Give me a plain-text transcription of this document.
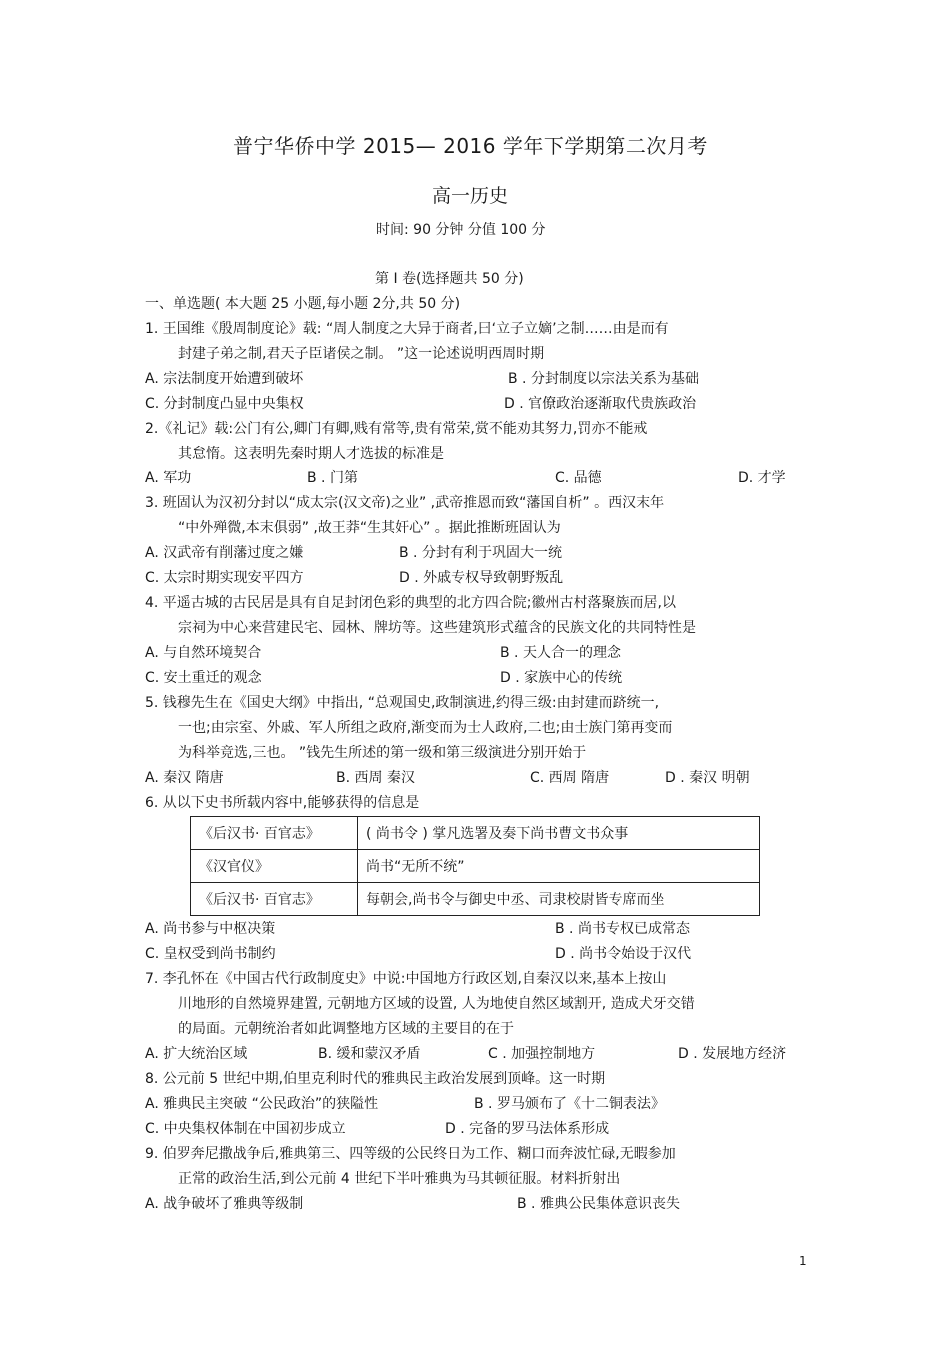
普宁华侨中学 2015— 2016 学年下学期第二次月考
高一历史
时间: 90 分钟 分值 100 分
第 I 卷(选择题共 50 分)
一、单选题( 本大题 25 小题,每小题 2分,共 50 分)
1. 王国维《殷周制度论》载: “周人制度之大异于商者,曰‘立子立嫡’之制……由是而有
封建子弟之制,君天子臣诸侯之制。 ”这一论述说明西周时期
A. 宗法制度开始遭到破坏	B . 分封制度以宗法关系为基础
C. 分封制度凸显中央集权	D . 官僚政治逐渐取代贵族政治
2.《礼记》载:公门有公,卿门有卿,贱有常等,贵有常荣,赏不能劝其努力,罚亦不能戒
其怠惰。这表明先秦时期人才选拔的标准是
A. 军功	B . 门第	C. 品德	D. 才学
3. 班固认为汉初分封以“成太宗(汉文帝)之业” ,武帝推恩而致“藩国自析” 。西汉末年
“中外殚微,本末俱弱” ,故王莽“生其奸心” 。据此推断班固认为
A. 汉武帝有削藩过度之嫌	B . 分封有利于巩固大一统
C. 太宗时期实现安平四方	D . 外戚专权导致朝野叛乱
4. 平遥古城的古民居是具有自足封闭色彩的典型的北方四合院;徽州古村落聚族而居,以
宗祠为中心来营建民宅、园林、牌坊等。这些建筑形式蕴含的民族文化的共同特性是
A. 与自然环境契合	B . 天人合一的理念
C. 安土重迁的观念	D . 家族中心的传统
5. 钱穆先生在《国史大纲》中指出, “总观国史,政制演进,约得三级:由封建而跻统一,
一也;由宗室、外戚、军人所组之政府,渐变而为士人政府,二也;由士族门第再变而
为科举竞选,三也。 ”钱先生所述的第一级和第三级演进分别开始于
A. 秦汉 隋唐	B. 西周 秦汉	C. 西周 隋唐	D . 秦汉 明朝
6. 从以下史书所载内容中,能够获得的信息是
《后汉书· 百官志》	( 尚书令 ) 掌凡选署及奏下尚书曹文书众事
《汉官仪》	尚书“无所不统”
《后汉书· 百官志》	每朝会,尚书令与御史中丞、司隶校尉皆专席而坐
A. 尚书参与中枢决策	B . 尚书专权已成常态
C. 皇权受到尚书制约	D . 尚书令始设于汉代
7. 李孔怀在《中国古代行政制度史》中说:中国地方行政区划,自秦汉以来,基本上按山
川地形的自然境界建置, 元朝地方区域的设置, 人为地使自然区域割开, 造成犬牙交错
的局面。元朝统治者如此调整地方区域的主要目的在于
A. 扩大统治区域	B. 缓和蒙汉矛盾	C . 加强控制地方	D . 发展地方经济
8. 公元前 5 世纪中期,伯里克利时代的雅典民主政治发展到顶峰。这一时期
A. 雅典民主突破 “公民政治”的狭隘性	B . 罗马颁布了《十二铜表法》
C. 中央集权体制在中国初步成立	D . 完备的罗马法体系形成
9. 伯罗奔尼撒战争后,雅典第三、四等级的公民终日为工作、糊口而奔波忙碌,无暇参加
正常的政治生活,到公元前 4 世纪下半叶雅典为马其顿征服。材料折射出
A. 战争破坏了雅典等级制	B . 雅典公民集体意识丧失
1
